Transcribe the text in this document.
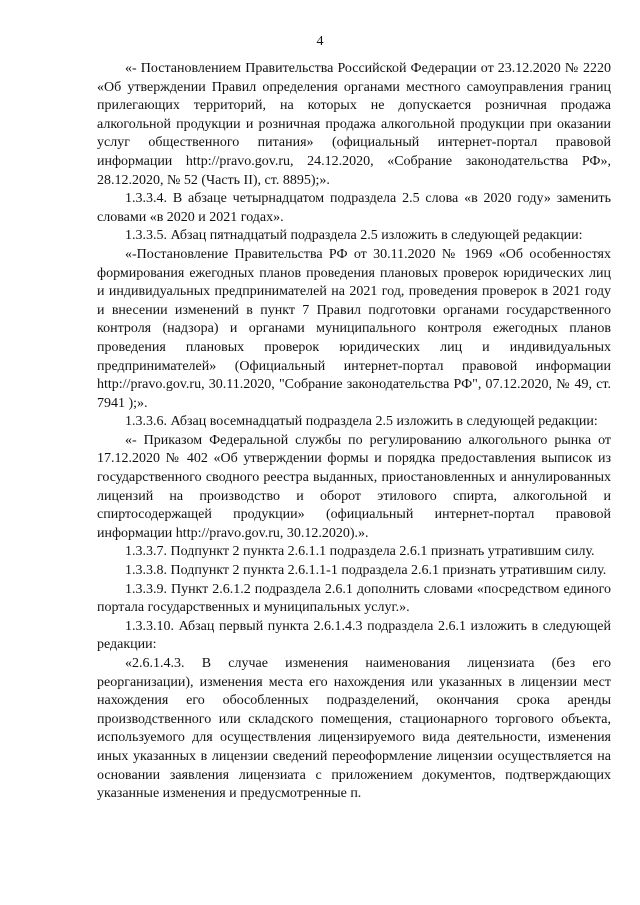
4

«- Постановлением Правительства Российской Федерации от 23.12.2020 № 2220 «Об утверждении Правил определения органами местного самоуправления границ прилегающих территорий, на которых не допускается розничная продажа алкогольной продукции и розничная продажа алкогольной продукции при оказании услуг общественного питания» (официальный интернет-портал правовой информации http://pravo.gov.ru, 24.12.2020, «Собрание законодательства РФ», 28.12.2020, № 52 (Часть II), ст. 8895);».

1.3.3.4. В абзаце четырнадцатом подраздела 2.5 слова «в 2020 году» заменить словами «в 2020 и 2021 годах».

1.3.3.5. Абзац пятнадцатый подраздела 2.5 изложить в следующей редакции:

«-Постановление Правительства РФ от 30.11.2020 № 1969 «Об особенностях формирования ежегодных планов проведения плановых проверок юридических лиц и индивидуальных предпринимателей на 2021 год, проведения проверок в 2021 году и внесении изменений в пункт 7 Правил подготовки органами государственного контроля (надзора) и органами муниципального контроля ежегодных планов проведения плановых проверок юридических лиц и индивидуальных предпринимателей» (Официальный интернет-портал правовой информации http://pravo.gov.ru, 30.11.2020, "Собрание законодательства РФ", 07.12.2020, № 49, ст. 7941 );».

1.3.3.6. Абзац восемнадцатый подраздела 2.5 изложить в следующей редакции:

«- Приказом Федеральной службы по регулированию алкогольного рынка от 17.12.2020 № 402 «Об утверждении формы и порядка предоставления выписок из государственного сводного реестра выданных, приостановленных и аннулированных лицензий на производство и оборот этилового спирта, алкогольной и спиртосодержащей продукции» (официальный интернет-портал правовой информации http://pravo.gov.ru, 30.12.2020).».

1.3.3.7. Подпункт 2 пункта 2.6.1.1 подраздела 2.6.1 признать утратившим силу.

1.3.3.8. Подпункт 2 пункта 2.6.1.1-1 подраздела 2.6.1 признать утратившим силу.

1.3.3.9. Пункт 2.6.1.2 подраздела 2.6.1 дополнить словами «посредством единого портала государственных и муниципальных услуг.».

1.3.3.10. Абзац первый пункта 2.6.1.4.3 подраздела 2.6.1 изложить в следующей редакции:

«2.6.1.4.3. В случае изменения наименования лицензиата (без его реорганизации), изменения места его нахождения или указанных в лицензии мест нахождения его обособленных подразделений, окончания срока аренды производственного или складского помещения, стационарного торгового объекта, используемого для осуществления лицензируемого вида деятельности, изменения иных указанных в лицензии сведений переоформление лицензии осуществляется на основании заявления лицензиата с приложением документов, подтверждающих указанные изменения и предусмотренные п.
